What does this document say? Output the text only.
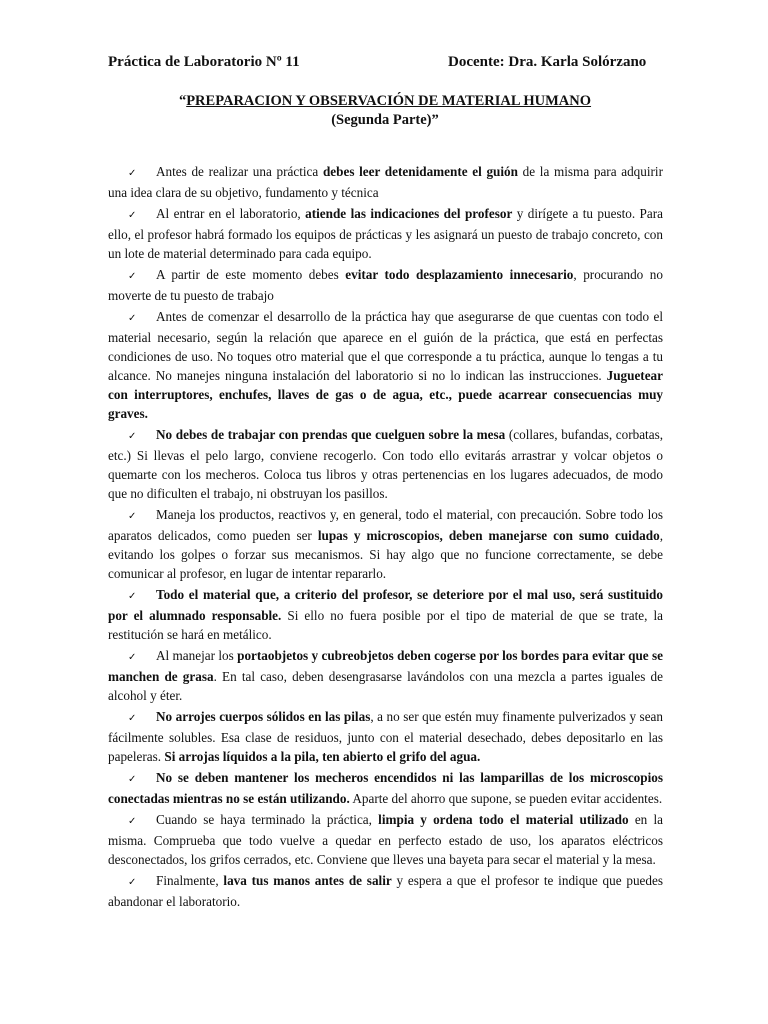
Práctica de Laboratorio Nº 11	Docente: Dra. Karla Solórzano
“PREPARACION Y OBSERVACIÓN DE MATERIAL HUMANO
(Segunda Parte)”

✓ Antes de realizar una práctica debes leer detenidamente el guión de la misma para adquirir una idea clara de su objetivo, fundamento y técnica

✓ Al entrar en el laboratorio, atiende las indicaciones del profesor y dirígete a tu puesto. Para ello, el profesor habrá formado los equipos de prácticas y les asignará un puesto de trabajo concreto, con un lote de material determinado para cada equipo.

✓ A partir de este momento debes evitar todo desplazamiento innecesario, procurando no moverte de tu puesto de trabajo

✓ Antes de comenzar el desarrollo de la práctica hay que asegurarse de que cuentas con todo el material necesario, según la relación que aparece en el guión de la práctica, que está en perfectas condiciones de uso. No toques otro material que el que corresponde a tu práctica, aunque lo tengas a tu alcance. No manejes ninguna instalación del laboratorio si no lo indican las instrucciones. Juguetear con interruptores, enchufes, llaves de gas o de agua, etc., puede acarrear consecuencias muy graves.

✓ No debes de trabajar con prendas que cuelguen sobre la mesa (collares, bufandas, corbatas, etc.) Si llevas el pelo largo, conviene recogerlo. Con todo ello evitarás arrastrar y volcar objetos o quemarte con los mecheros. Coloca tus libros y otras pertenencias en los lugares adecuados, de modo que no dificulten el trabajo, ni obstruyan los pasillos.

✓ Maneja los productos, reactivos y, en general, todo el material, con precaución. Sobre todo los aparatos delicados, como pueden ser lupas y microscopios, deben manejarse con sumo cuidado, evitando los golpes o forzar sus mecanismos. Si hay algo que no funcione correctamente, se debe comunicar al profesor, en lugar de intentar repararlo.

✓ Todo el material que, a criterio del profesor, se deteriore por el mal uso, será sustituido por el alumnado responsable. Si ello no fuera posible por el tipo de material de que se trate, la restitución se hará en metálico.

✓ Al manejar los portaobjetos y cubreobjetos deben cogerse por los bordes para evitar que se manchen de grasa. En tal caso, deben desengrasarse lavándolos con una mezcla a partes iguales de alcohol y éter.

✓ No arrojes cuerpos sólidos en las pilas, a no ser que estén muy finamente pulverizados y sean fácilmente solubles. Esa clase de residuos, junto con el material desechado, debes depositarlo en las papeleras. Si arrojas líquidos a la pila, ten abierto el grifo del agua.

✓ No se deben mantener los mecheros encendidos ni las lamparillas de los microscopios conectadas mientras no se están utilizando. Aparte del ahorro que supone, se pueden evitar accidentes.

✓ Cuando se haya terminado la práctica, limpia y ordena todo el material utilizado en la misma. Comprueba que todo vuelve a quedar en perfecto estado de uso, los aparatos eléctricos desconectados, los grifos cerrados, etc. Conviene que lleves una bayeta para secar el material y la mesa.

✓ Finalmente, lava tus manos antes de salir y espera a que el profesor te indique que puedes abandonar el laboratorio.
